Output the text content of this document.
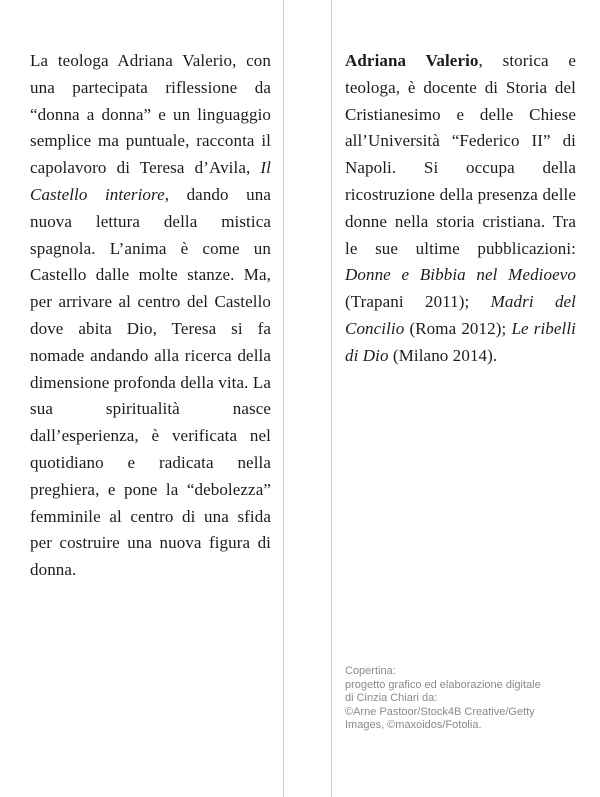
La teologa Adriana Valerio, con una partecipata riflessione da “donna a donna” e un linguaggio semplice ma puntuale, racconta il capolavoro di Teresa d’Avila, Il Castello interiore, dando una nuova lettura della mistica spagnola. L’anima è come un Castello dalle molte stanze. Ma, per arrivare al centro del Castello dove abita Dio, Teresa si fa nomade andando alla ricerca della dimensione profonda della vita. La sua spiritualità nasce dall’esperienza, è verificata nel quotidiano e radicata nella preghiera, e pone la “debolezza” femminile al centro di una sfida per costruire una nuova figura di donna.

Adriana Valerio, storica e teologa, è docente di Storia del Cristianesimo e delle Chiese all’Università “Federico II” di Napoli. Si occupa della ricostruzione della presenza delle donne nella storia cristiana. Tra le sue ultime pubblicazioni: Donne e Bibbia nel Medioevo (Trapani 2011); Madri del Concilio (Roma 2012); Le ribelli di Dio (Milano 2014).

Copertina:
progetto grafico ed elaborazione digitale
di Cinzia Chiari da:
©Arne Pastoor/Stock4B Creative/Getty
Images, ©maxoidos/Fotolia.
